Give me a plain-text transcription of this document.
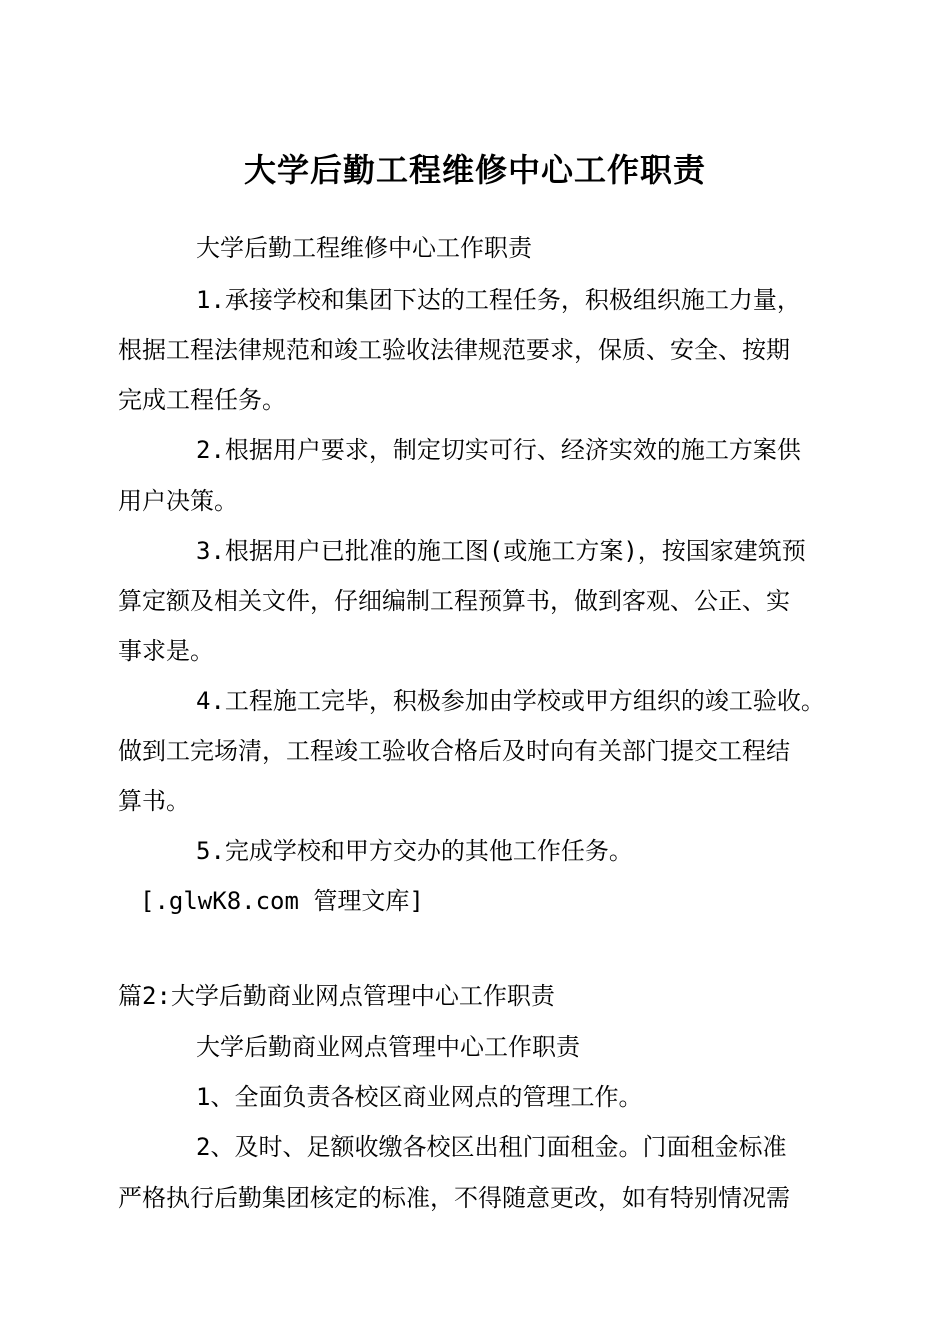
大学后勤工程维修中心工作职责
大学后勤工程维修中心工作职责
1.承接学校和集团下达的工程任务，积极组织施工力量，
根据工程法律规范和竣工验收法律规范要求，保质、安全、按期
完成工程任务。
2.根据用户要求，制定切实可行、经济实效的施工方案供
用户决策。
3.根据用户已批准的施工图(或施工方案)，按国家建筑预
算定额及相关文件，仔细编制工程预算书，做到客观、公正、实
事求是。
4.工程施工完毕，积极参加由学校或甲方组织的竣工验收。
做到工完场清，工程竣工验收合格后及时向有关部门提交工程结
算书。
5.完成学校和甲方交办的其他工作任务。
[.glwK8.com 管理文库]
篇2:大学后勤商业网点管理中心工作职责
大学后勤商业网点管理中心工作职责
1、全面负责各校区商业网点的管理工作。
2、及时、足额收缴各校区出租门面租金。门面租金标准
严格执行后勤集团核定的标准，不得随意更改，如有特别情况需
